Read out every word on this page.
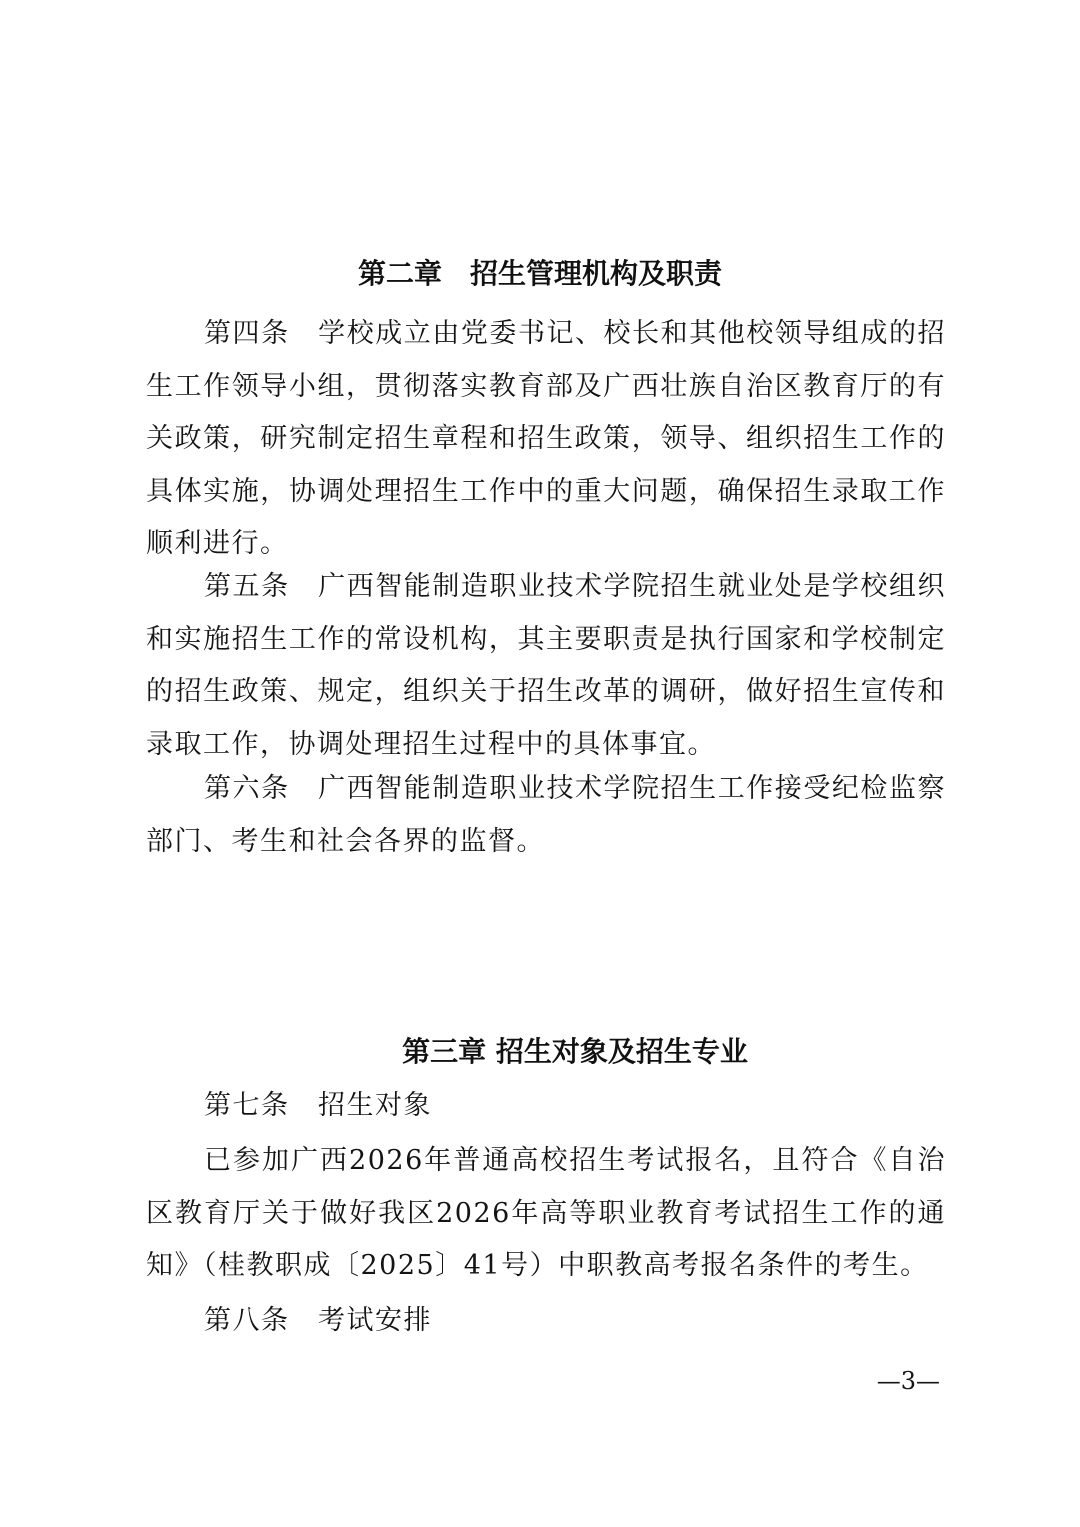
第二章　招生管理机构及职责

第四条　学校成立由党委书记、校长和其他校领导组成的招生工作领导小组，贯彻落实教育部及广西壮族自治区教育厅的有关政策，研究制定招生章程和招生政策，领导、组织招生工作的具体实施，协调处理招生工作中的重大问题，确保招生录取工作顺利进行。

第五条　广西智能制造职业技术学院招生就业处是学校组织和实施招生工作的常设机构，其主要职责是执行国家和学校制定的招生政策、规定，组织关于招生改革的调研，做好招生宣传和录取工作，协调处理招生过程中的具体事宜。

第六条　广西智能制造职业技术学院招生工作接受纪检监察部门、考生和社会各界的监督。

第三章 招生对象及招生专业

第七条　招生对象

已参加广西2026年普通高校招生考试报名，且符合《自治区教育厅关于做好我区2026年高等职业教育考试招生工作的通知》（桂教职成〔2025〕41号）中职教高考报名条件的考生。

第八条　考试安排

—3—
